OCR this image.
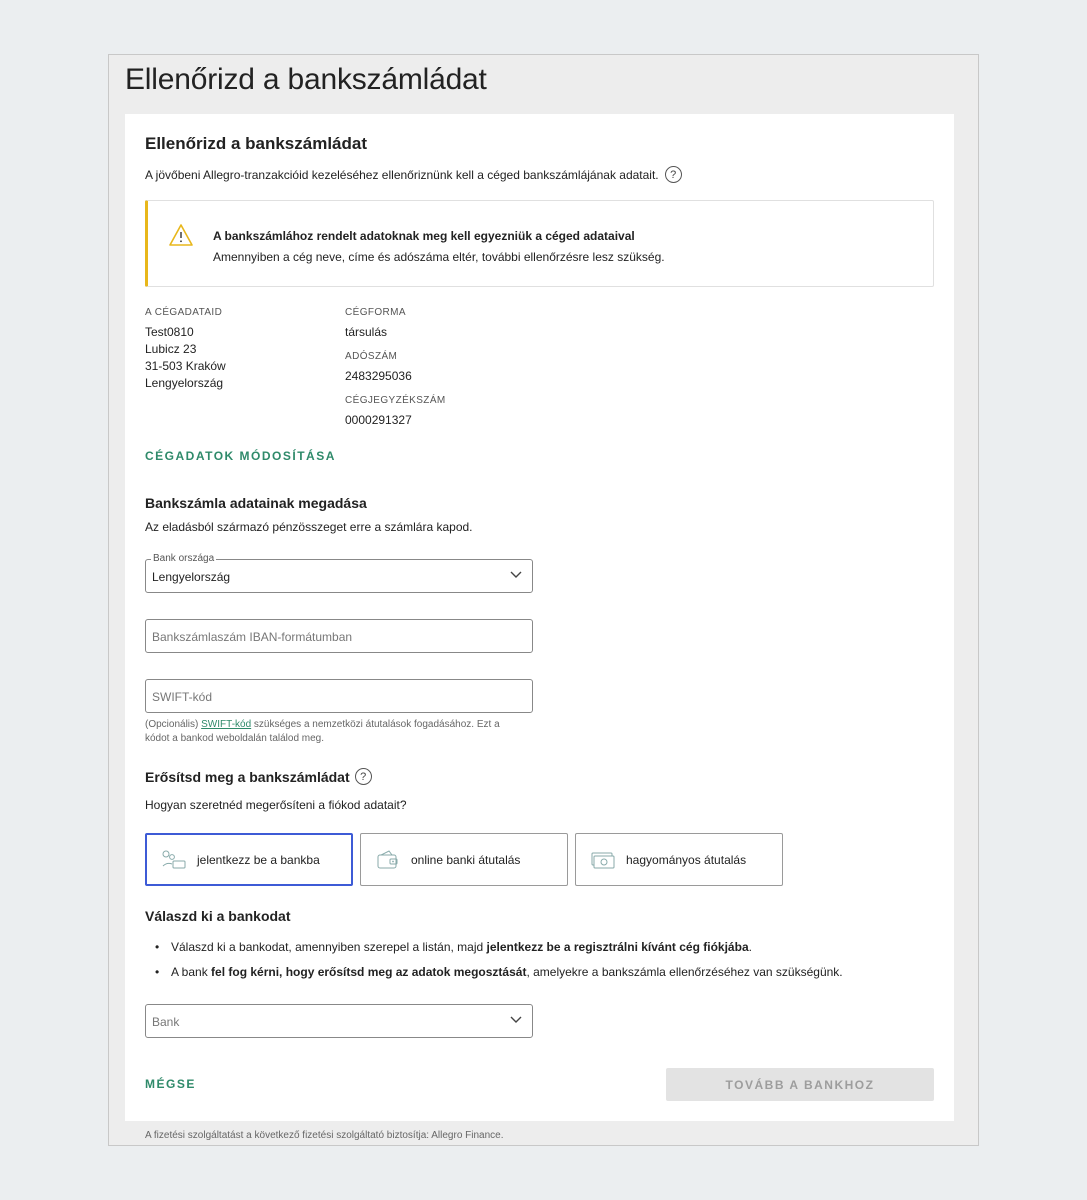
Ellenőrizd a bankszámládat
Ellenőrizd a bankszámládat
A jövőbeni Allegro-tranzakcióid kezeléséhez ellenőriznünk kell a céged bankszámlájának adatait.	?
A bankszámlához rendelt adatoknak meg kell egyezniük a céged adataival
Amennyiben a cég neve, címe és adószáma eltér, további ellenőrzésre lesz szükség.
A CÉGADATAID
Test0810
Lubicz 23
31-503 Kraków
Lengyelország
CÉGFORMA
társulás
ADÓSZÁM
2483295036
CÉGJEGYZÉKSZÁM
0000291327
CÉGADATOK MÓDOSÍTÁSA
Bankszámla adatainak megadása
Az eladásból származó pénzösszeget erre a számlára kapod.
Bank országa
Lengyelország
Bankszámlaszám IBAN-formátumban
SWIFT-kód
(Opcionális) SWIFT-kód szükséges a nemzetközi átutalások fogadásához. Ezt a kódot a bankod weboldalán találod meg.
Erősítsd meg a bankszámládat ?
Hogyan szeretnéd megerősíteni a fiókod adatait?
jelentkezz be a bankba	online banki átutalás	hagyományos átutalás
Válaszd ki a bankodat
• Válaszd ki a bankodat, amennyiben szerepel a listán, majd jelentkezz be a regisztrálni kívánt cég fiókjába.
• A bank fel fog kérni, hogy erősítsd meg az adatok megosztását, amelyekre a bankszámla ellenőrzéséhez van szükségünk.
Bank
MÉGSE	TOVÁBB A BANKHOZ
A fizetési szolgáltatást a következő fizetési szolgáltató biztosítja: Allegro Finance.
